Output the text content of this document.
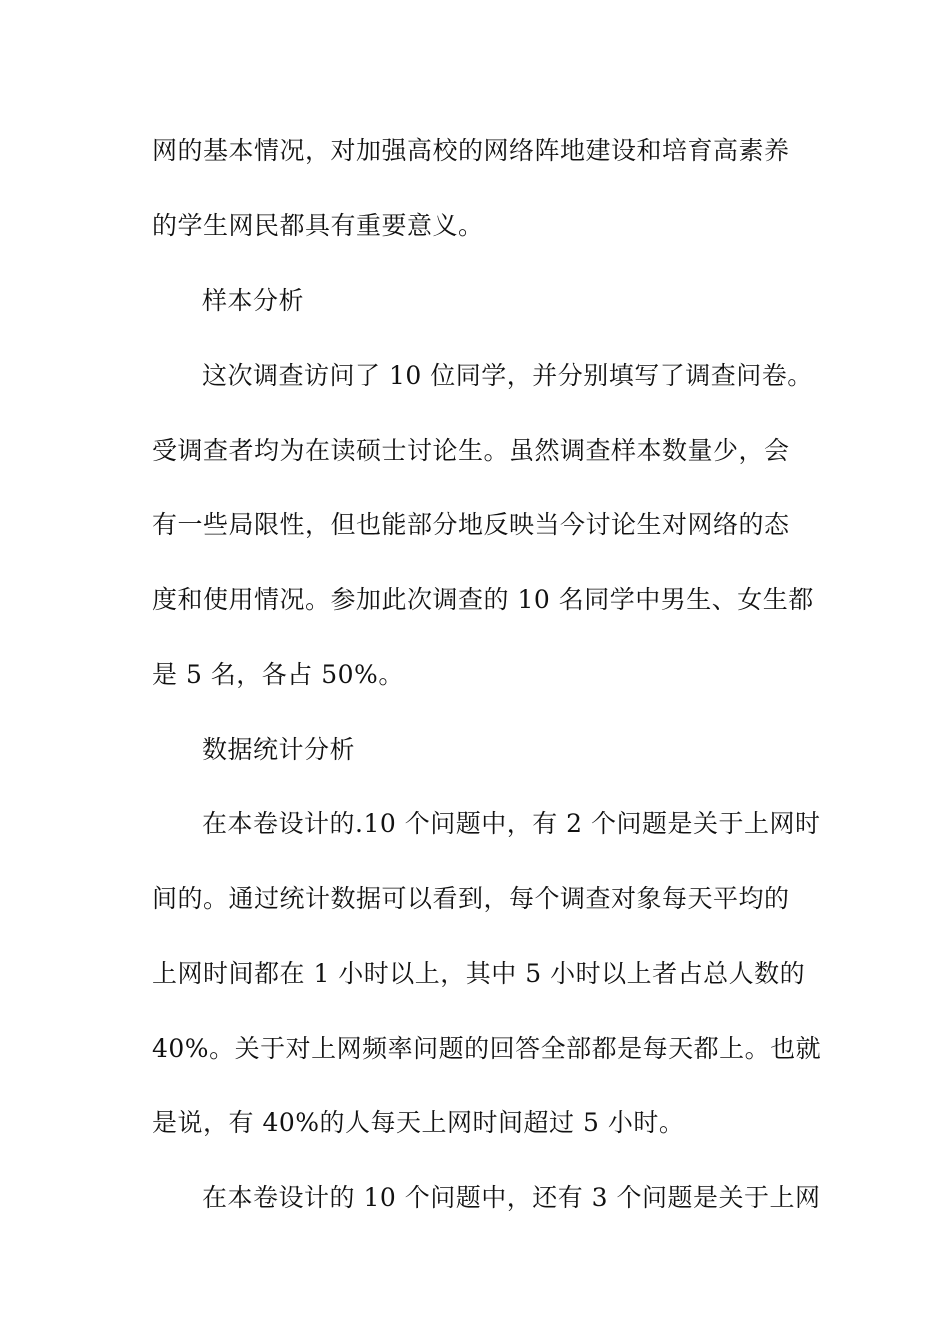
网的基本情况，对加强高校的网络阵地建设和培育高素养
的学生网民都具有重要意义。
样本分析
这次调查访问了 10 位同学，并分别填写了调查问卷。
受调查者均为在读硕士讨论生。虽然调查样本数量少，会
有一些局限性，但也能部分地反映当今讨论生对网络的态
度和使用情况。参加此次调查的 10 名同学中男生、女生都
是 5 名，各占 50%。
数据统计分析
在本卷设计的.10 个问题中，有 2 个问题是关于上网时
间的。通过统计数据可以看到，每个调查对象每天平均的
上网时间都在 1 小时以上，其中 5 小时以上者占总人数的
40%。关于对上网频率问题的回答全部都是每天都上。也就
是说，有 40%的人每天上网时间超过 5 小时。
在本卷设计的 10 个问题中，还有 3 个问题是关于上网
